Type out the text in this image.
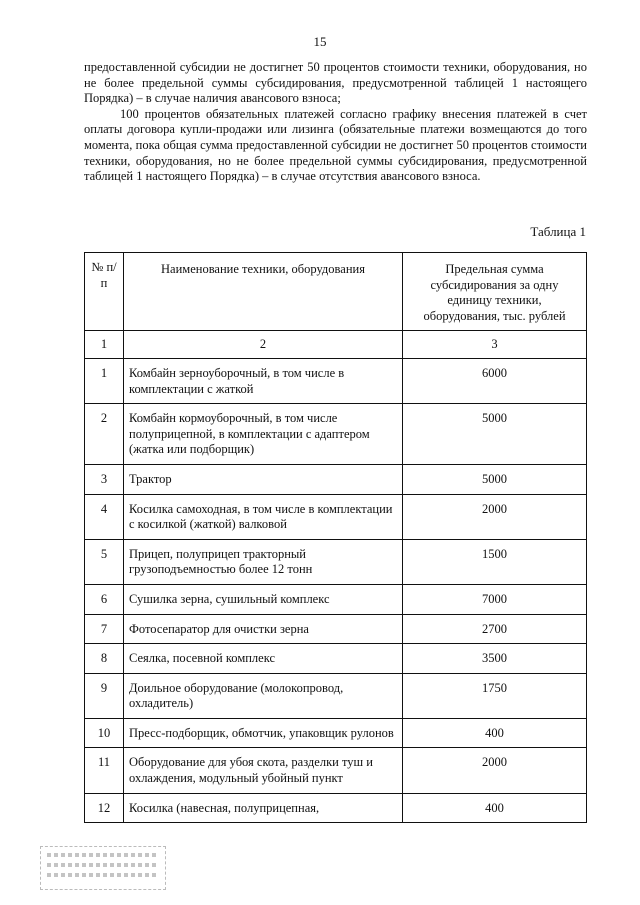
15

предоставленной субсидии не достигнет 50 процентов стоимости техники, оборудования, но не более предельной суммы субсидирования, предусмотренной таблицей 1 настоящего Порядка) – в случае наличия авансового взноса;

100 процентов обязательных платежей согласно графику внесения платежей в счет оплаты договора купли-продажи или лизинга (обязательные платежи возмещаются до того момента, пока общая сумма предоставленной субсидии не достигнет 50 процентов стоимости техники, оборудования, но не более предельной суммы субсидирования, предусмотренной таблицей 1 настоящего Порядка) – в случае отсутствия авансового взноса.

Таблица 1
№ п/п	Наименование техники, оборудования	Предельная сумма субсидирования за одну единицу техники, оборудования, тыс. рублей
1	2	3
1	Комбайн зерноуборочный, в том числе в комплектации с жаткой	6000
2	Комбайн кормоуборочный, в том числе полуприцепной, в комплектации с адаптером (жатка или подборщик)	5000
3	Трактор	5000
4	Косилка самоходная, в том числе в комплектации с косилкой (жаткой) валковой	2000
5	Прицеп, полуприцеп тракторный грузоподъемностью более 12 тонн	1500
6	Сушилка зерна, сушильный комплекс	7000
7	Фотосепаратор для очистки зерна	2700
8	Сеялка, посевной комплекс	3500
9	Доильное оборудование (молокопровод, охладитель)	1750
10	Пресс-подборщик, обмотчик, упаковщик рулонов	400
11	Оборудование для убоя скота, разделки туш и охлаждения, модульный убойный пункт	2000
12	Косилка (навесная, полуприцепная,	400
